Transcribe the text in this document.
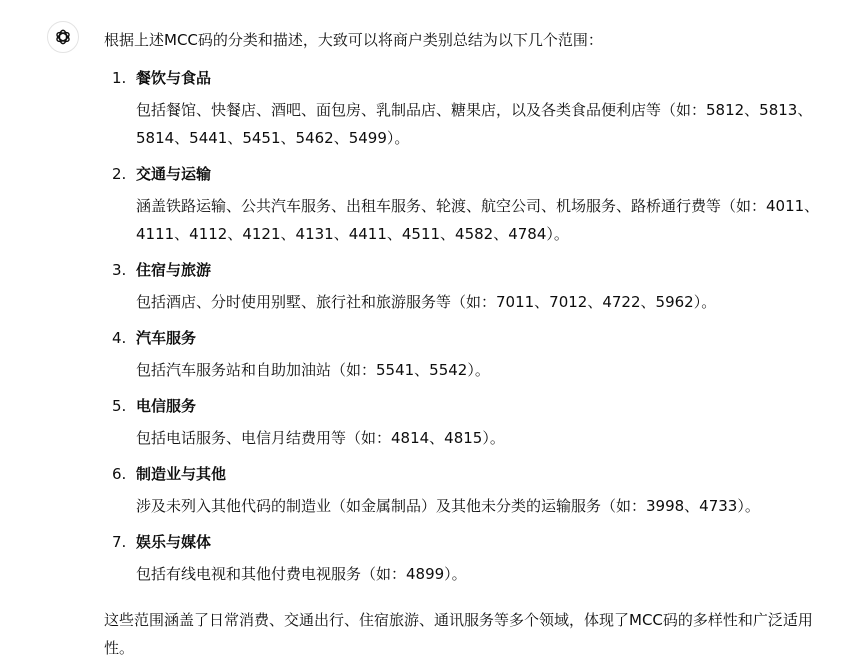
根据上述MCC码的分类和描述，大致可以将商户类别总结为以下几个范围：

1. 餐饮与食品
包括餐馆、快餐店、酒吧、面包房、乳制品店、糖果店，以及各类食品便利店等（如：5812、5813、5814、5441、5451、5462、5499）。
2. 交通与运输
涵盖铁路运输、公共汽车服务、出租车服务、轮渡、航空公司、机场服务、路桥通行费等（如：4011、4111、4112、4121、4131、4411、4511、4582、4784）。
3. 住宿与旅游
包括酒店、分时使用别墅、旅行社和旅游服务等（如：7011、7012、4722、5962）。
4. 汽车服务
包括汽车服务站和自助加油站（如：5541、5542）。
5. 电信服务
包括电话服务、电信月结费用等（如：4814、4815）。
6. 制造业与其他
涉及未列入其他代码的制造业（如金属制品）及其他未分类的运输服务（如：3998、4733）。
7. 娱乐与媒体
包括有线电视和其他付费电视服务（如：4899）。

这些范围涵盖了日常消费、交通出行、住宿旅游、通讯服务等多个领域，体现了MCC码的多样性和广泛适用性。
